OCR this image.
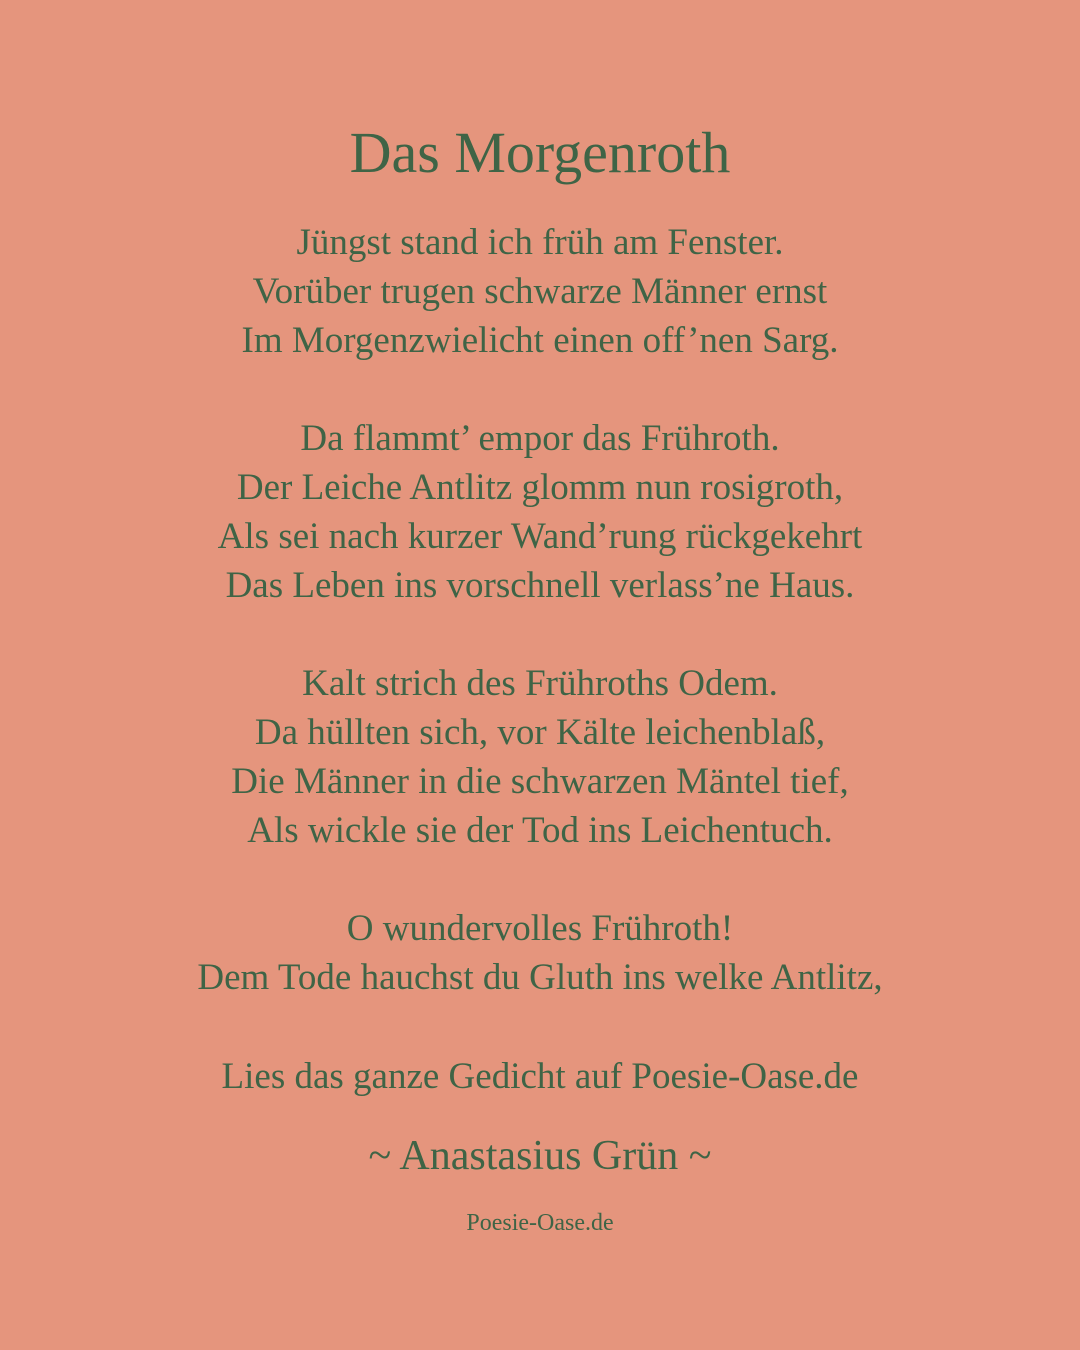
Das Morgenroth
Jüngst stand ich früh am Fenster.
Vorüber trugen schwarze Männer ernst
Im Morgenzwielicht einen off’nen Sarg.
Da flammt’ empor das Frühroth.
Der Leiche Antlitz glomm nun rosigroth,
Als sei nach kurzer Wand’rung rückgekehrt
Das Leben ins vorschnell verlass’ne Haus.
Kalt strich des Frühroths Odem.
Da hüllten sich, vor Kälte leichenblaß,
Die Männer in die schwarzen Mäntel tief,
Als wickle sie der Tod ins Leichentuch.
O wundervolles Frühroth!
Dem Tode hauchst du Gluth ins welke Antlitz,
Lies das ganze Gedicht auf Poesie-Oase.de
~ Anastasius Grün ~
Poesie-Oase.de
